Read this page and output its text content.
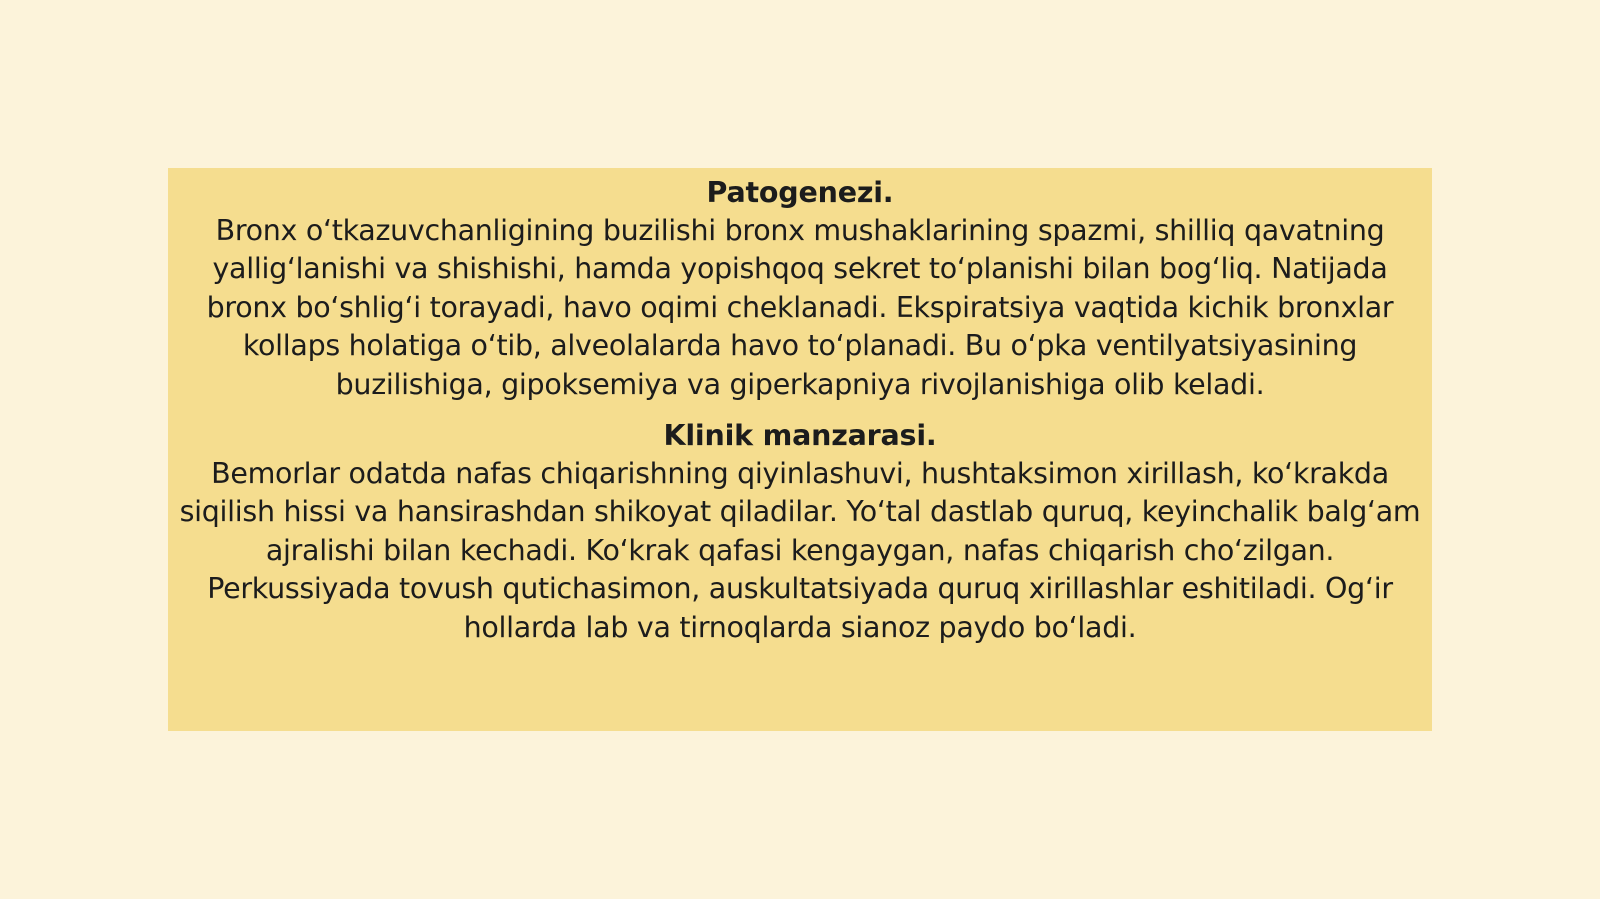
Patogenezi.

Bronx o‘tkazuvchanligining buzilishi bronx mushaklarining spazmi, shilliq qavatning yallig‘lanishi va shishishi, hamda yopishqoq sekret to‘planishi bilan bog‘liq. Natijada bronx bo‘shlig‘i torayadi, havo oqimi cheklanadi. Ekspiratsiya vaqtida kichik bronxlar kollaps holatiga o‘tib, alveolalarda havo to‘planadi. Bu o‘pka ventilyatsiyasining buzilishiga, gipoksemiya va giperkapniya rivojlanishiga olib keladi.

Klinik manzarasi.

Bemorlar odatda nafas chiqarishning qiyinlashuvi, hushtaksimon xirillash, ko‘krakda siqilish hissi va hansirashdan shikoyat qiladilar. Yo‘tal dastlab quruq, keyinchalik balg‘am ajralishi bilan kechadi. Ko‘krak qafasi kengaygan, nafas chiqarish cho‘zilgan. Perkussiyada tovush qutichasimon, auskultatsiyada quruq xirillashlar eshitiladi. Og‘ir hollarda lab va tirnoqlarda sianoz paydo bo‘ladi.
